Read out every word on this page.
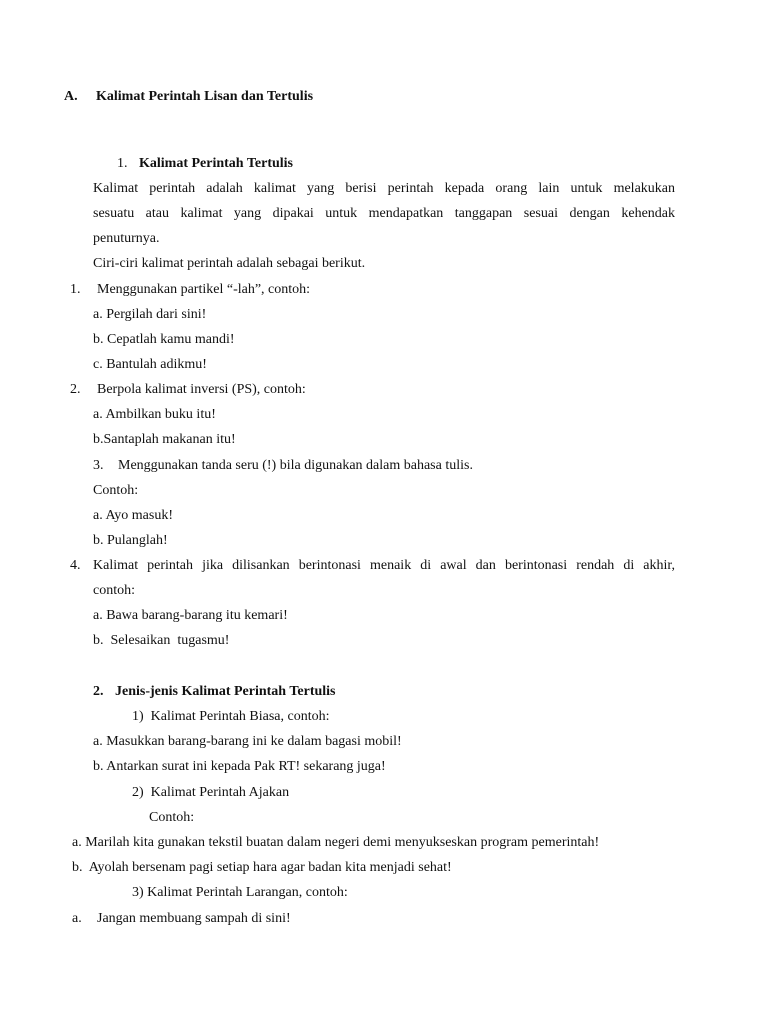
A. Kalimat Perintah Lisan dan Tertulis
1. Kalimat Perintah Tertulis
Kalimat perintah adalah kalimat yang berisi perintah kepada orang lain untuk melakukan
sesuatu atau kalimat yang dipakai untuk mendapatkan tanggapan sesuai dengan kehendak
penuturnya.
Ciri-ciri kalimat perintah adalah sebagai berikut.
1. Menggunakan partikel “-lah”, contoh:
a. Pergilah dari sini!
b. Cepatlah kamu mandi!
c. Bantulah adikmu!
2. Berpola kalimat inversi (PS), contoh:
a. Ambilkan buku itu!
b.Santaplah makanan itu!
3. Menggunakan tanda seru (!) bila digunakan dalam bahasa tulis.
Contoh:
a. Ayo masuk!
b. Pulanglah!
4. Kalimat perintah jika dilisankan berintonasi menaik di awal dan berintonasi rendah di akhir,
contoh:
a. Bawa barang-barang itu kemari!
b.  Selesaikan  tugasmu!
2. Jenis-jenis Kalimat Perintah Tertulis
1)  Kalimat Perintah Biasa, contoh:
a. Masukkan barang-barang ini ke dalam bagasi mobil!
b. Antarkan surat ini kepada Pak RT! sekarang juga!
2)  Kalimat Perintah Ajakan
Contoh:
a. Marilah kita gunakan tekstil buatan dalam negeri demi menyukseskan program pemerintah!
b.  Ayolah bersenam pagi setiap hara agar badan kita menjadi sehat!
3) Kalimat Perintah Larangan, contoh:
a. Jangan membuang sampah di sini!
